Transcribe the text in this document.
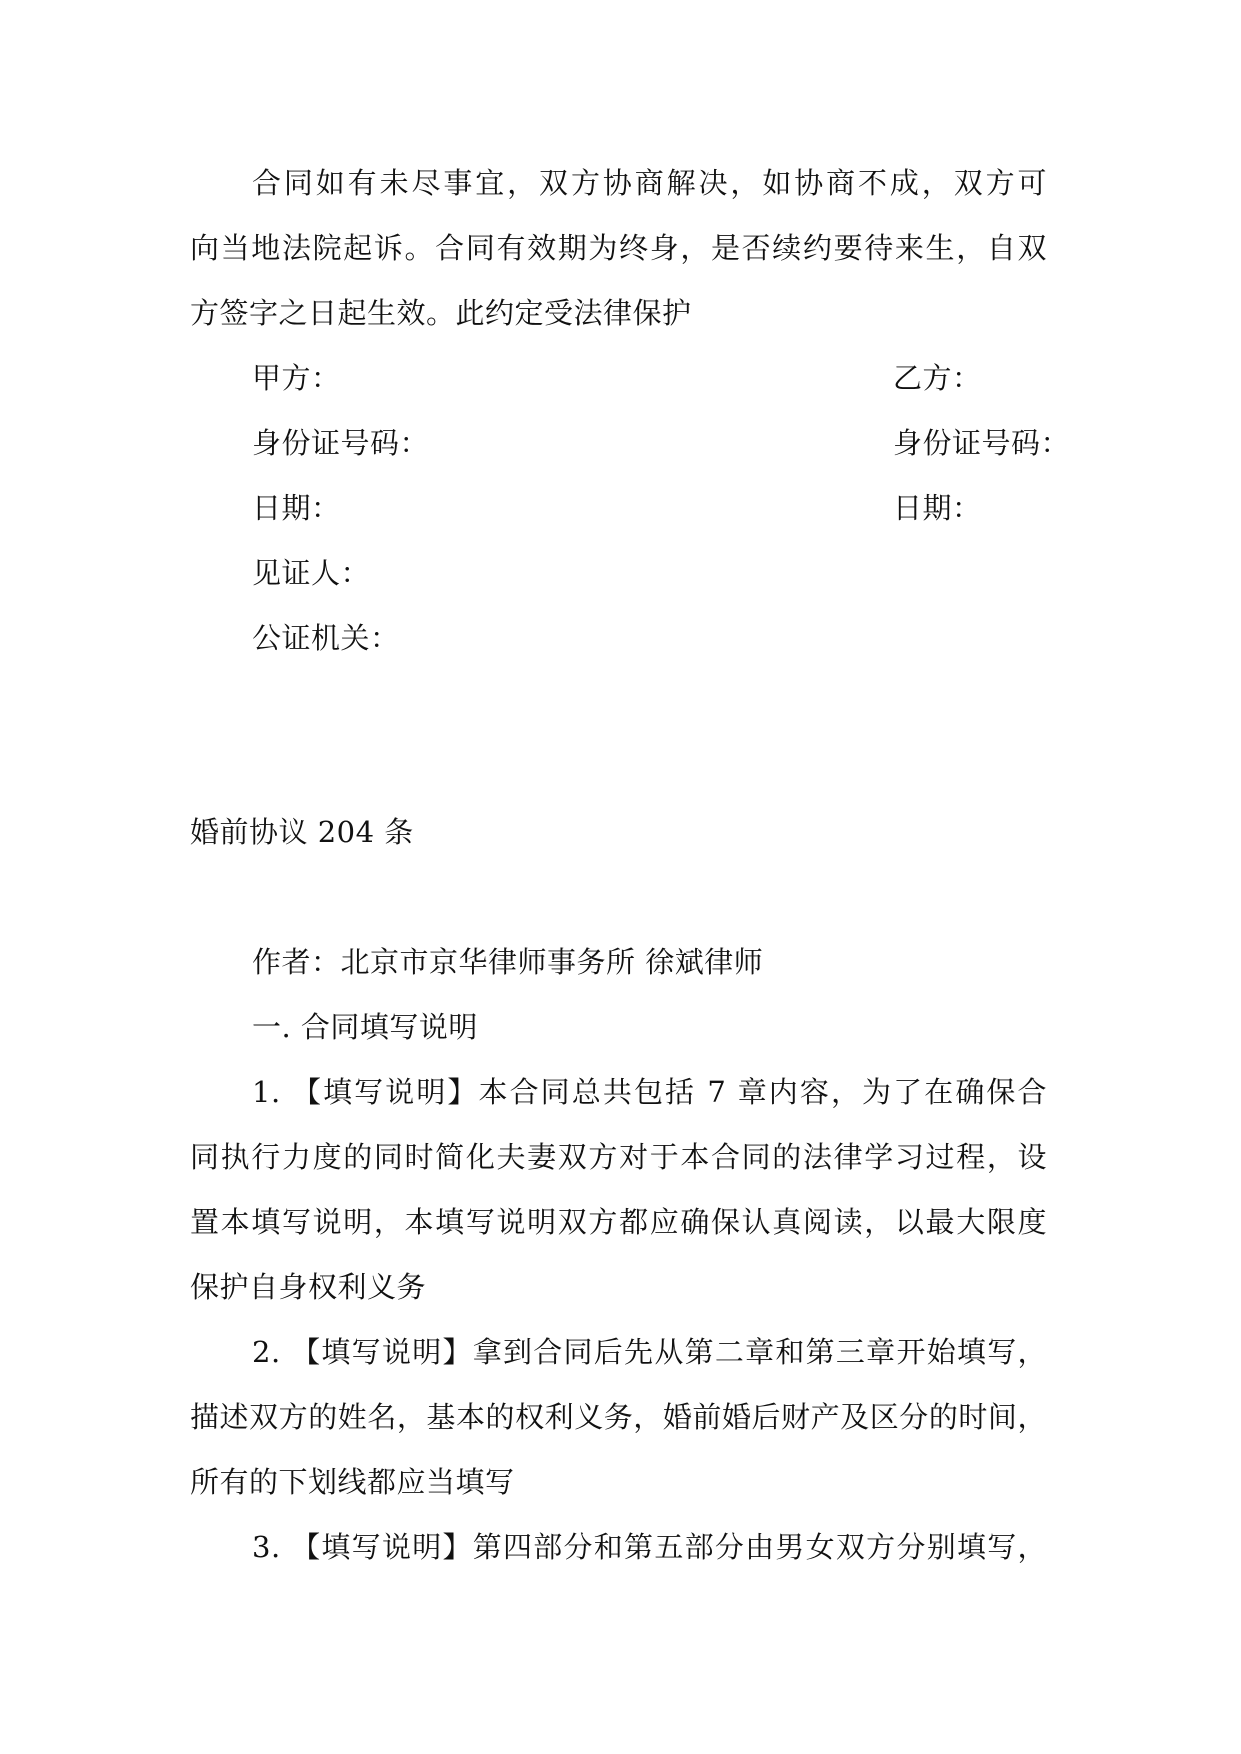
合同如有未尽事宜，双方协商解决，如协商不成，双方可
向当地法院起诉。合同有效期为终身，是否续约要待来生，自双
方签字之日起生效。此约定受法律保护
甲方：	乙方：
身份证号码：	身份证号码：
日期：	日期：
见证人：
公证机关：
婚前协议 204 条
作者：北京市京华律师事务所 徐斌律师
一. 合同填写说明
1. 【填写说明】本合同总共包括 7 章内容，为了在确保合
同执行力度的同时简化夫妻双方对于本合同的法律学习过程，设
置本填写说明，本填写说明双方都应确保认真阅读，以最大限度
保护自身权利义务
2. 【填写说明】拿到合同后先从第二章和第三章开始填写，
描述双方的姓名，基本的权利义务，婚前婚后财产及区分的时间，
所有的下划线都应当填写
3. 【填写说明】第四部分和第五部分由男女双方分别填写，
